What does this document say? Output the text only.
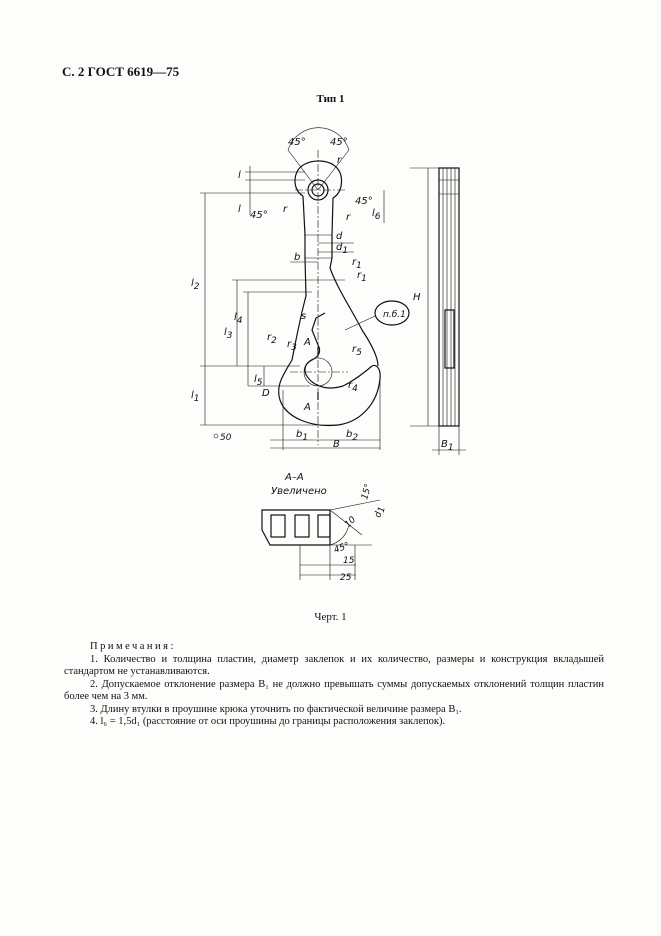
С. 2 ГОСТ 6619—75
Тип 1
45° 45°
r
l
l
45°
r
45°
r l6
d
d1
b	r1
r1
l2
l4
l3
s	п.б.1
r2 r3 A
r5
l5	r4
D
l1
A
b1	b2
B
H
B1
50
А–А
Увеличено	15°
d1
10
45°
15
25
Черт. 1
Примечания:

1. Количество и толщина пластин, диаметр заклепок и их количество, размеры и конструкция вкладышей стандартом не устанавливаются.

2. Допускаемое отклонение размера B₁ не должно превышать суммы допускаемых отклонений толщин пластин более чем на 3 мм.

3. Длину втулки в проушине крюка уточнить по фактической величине размера B₁.

4. l₆ = 1,5d₁ (расстояние от оси проушины до границы расположения заклепок).
